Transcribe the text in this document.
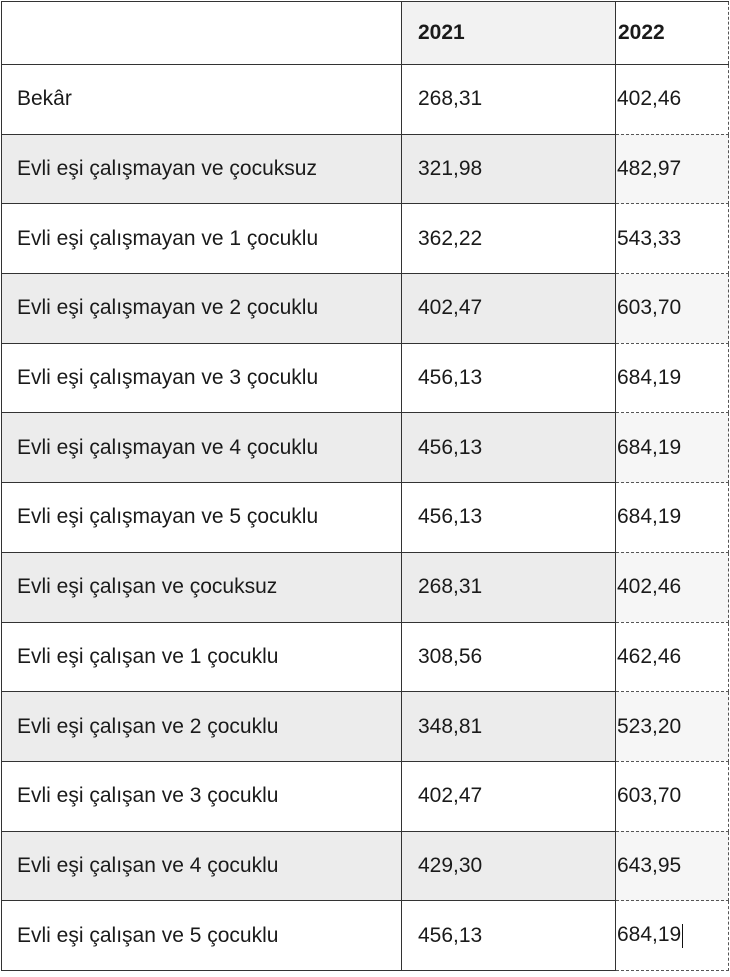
	2021	2022
Bekâr	268,31	402,46
Evli eşi çalışmayan ve çocuksuz	321,98	482,97
Evli eşi çalışmayan ve 1 çocuklu	362,22	543,33
Evli eşi çalışmayan ve 2 çocuklu	402,47	603,70
Evli eşi çalışmayan ve 3 çocuklu	456,13	684,19
Evli eşi çalışmayan ve 4 çocuklu	456,13	684,19
Evli eşi çalışmayan ve 5 çocuklu	456,13	684,19
Evli eşi çalışan ve çocuksuz	268,31	402,46
Evli eşi çalışan ve 1 çocuklu	308,56	462,46
Evli eşi çalışan ve 2 çocuklu	348,81	523,20
Evli eşi çalışan ve 3 çocuklu	402,47	603,70
Evli eşi çalışan ve 4 çocuklu	429,30	643,95
Evli eşi çalışan ve 5 çocuklu	456,13	684,19
